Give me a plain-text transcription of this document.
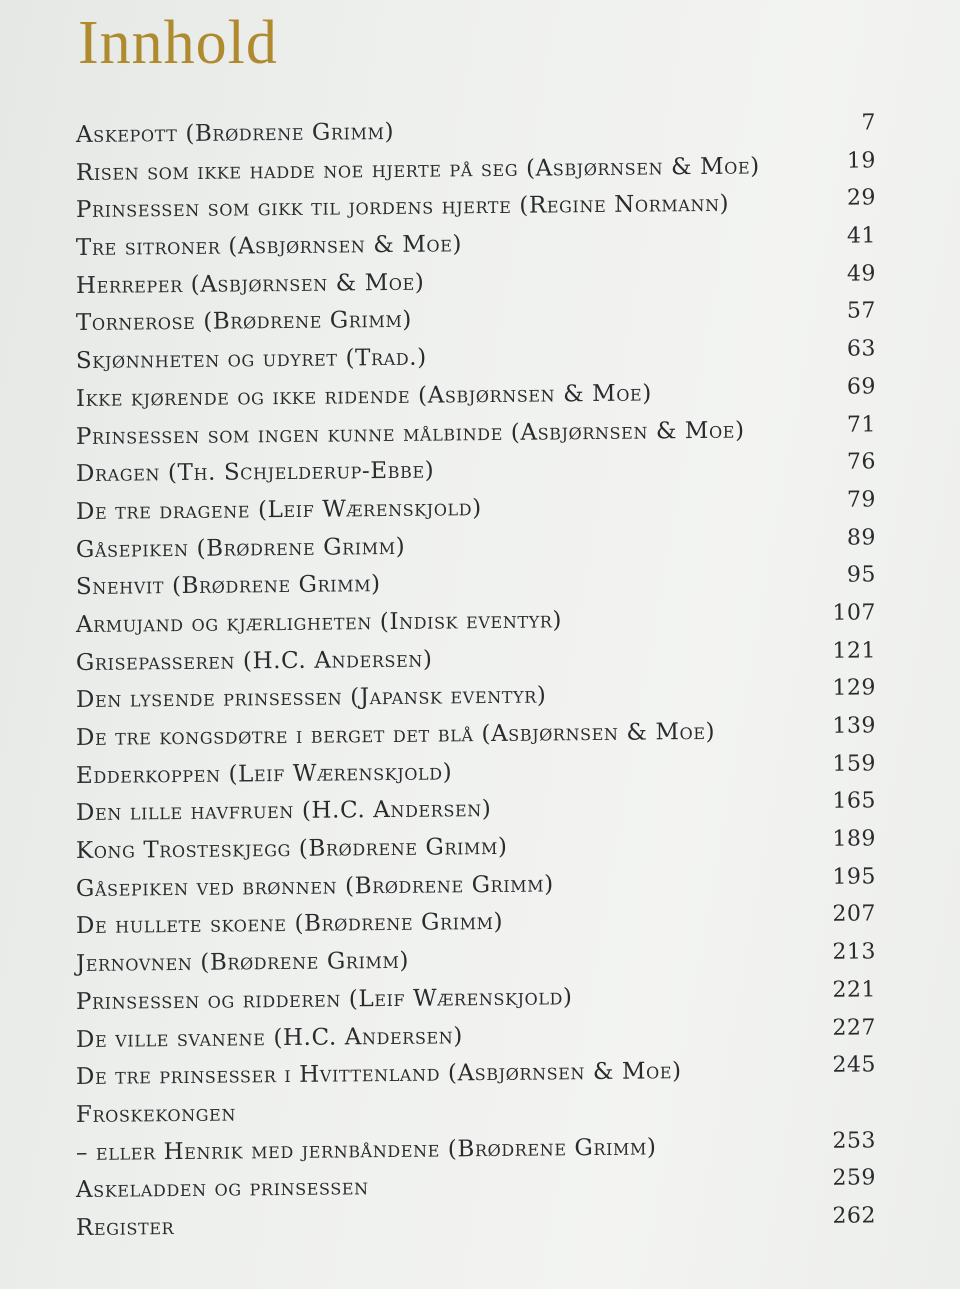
Innhold
Askepott (Brødrene Grimm)	7
Risen som ikke hadde noe hjerte på seg (Asbjørnsen & Moe)	19
Prinsessen som gikk til jordens hjerte (Regine Normann)	29
Tre sitroner (Asbjørnsen & Moe)	41
Herreper (Asbjørnsen & Moe)	49
Tornerose (Brødrene Grimm)	57
Skjønnheten og udyret (Trad.)	63
Ikke kjørende og ikke ridende (Asbjørnsen & Moe)	69
Prinsessen som ingen kunne målbinde (Asbjørnsen & Moe)	71
Dragen (Th. Schjelderup-Ebbe)	76
De tre dragene (Leif Wærenskjold)	79
Gåsepiken (Brødrene Grimm)	89
Snehvit (Brødrene Grimm)	95
Armujand og kjærligheten (Indisk eventyr)	107
Grisepasseren (H.C. Andersen)	121
Den lysende prinsessen (Japansk eventyr)	129
De tre kongsdøtre i berget det blå (Asbjørnsen & Moe)	139
Edderkoppen (Leif Wærenskjold)	159
Den lille havfruen (H.C. Andersen)	165
Kong Trosteskjegg (Brødrene Grimm)	189
Gåsepiken ved brønnen (Brødrene Grimm)	195
De hullete skoene (Brødrene Grimm)	207
Jernovnen (Brødrene Grimm)	213
Prinsessen og ridderen (Leif Wærenskjold)	221
De ville svanene (H.C. Andersen)	227
De tre prinsesser i Hvittenland (Asbjørnsen & Moe)	245
Froskekongen
– eller Henrik med jernbåndene (Brødrene Grimm)	253
Askeladden og prinsessen	259
Register	262
